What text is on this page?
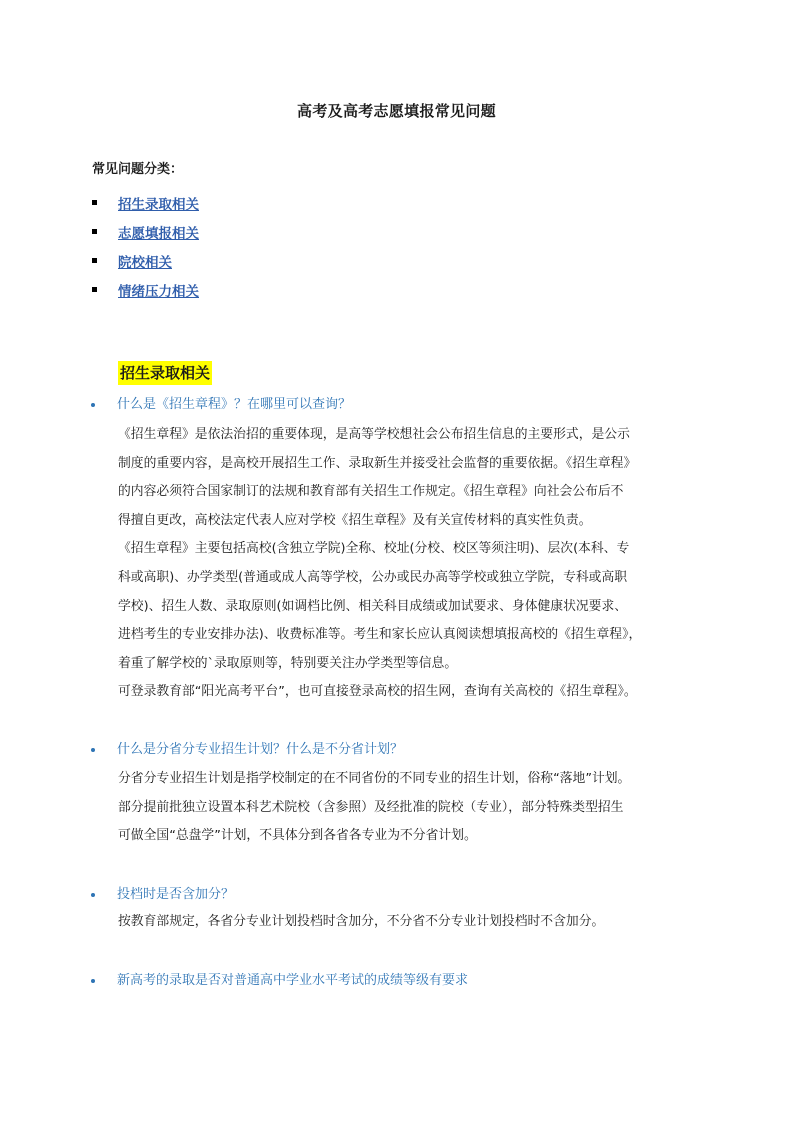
高考及高考志愿填报常见问题
常见问题分类：
招生录取相关
志愿填报相关
院校相关
情绪压力相关
招生录取相关
什么是《招生章程》？在哪里可以查询？

《招生章程》是依法治招的重要体现，是高等学校想社会公布招生信息的主要形式，是公示

制度的重要内容，是高校开展招生工作、录取新生并接受社会监督的重要依据。《招生章程》

的内容必须符合国家制订的法规和教育部有关招生工作规定。《招生章程》向社会公布后不

得擅自更改，高校法定代表人应对学校《招生章程》及有关宣传材料的真实性负责。

《招生章程》主要包括高校(含独立学院)全称、校址(分校、校区等须注明)、层次(本科、专

科或高职)、办学类型(普通或成人高等学校，公办或民办高等学校或独立学院，专科或高职

学校)、招生人数、录取原则(如调档比例、相关科目成绩或加试要求、身体健康状况要求、

进档考生的专业安排办法)、收费标准等。考生和家长应认真阅读想填报高校的《招生章程》，

着重了解学校的`录取原则等，特别要关注办学类型等信息。

可登录教育部“阳光高考平台”，也可直接登录高校的招生网，查询有关高校的《招生章程》。

什么是分省分专业招生计划？什么是不分省计划？

分省分专业招生计划是指学校制定的在不同省份的不同专业的招生计划，俗称“落地”计划。

部分提前批独立设置本科艺术院校（含参照）及经批准的院校（专业），部分特殊类型招生

可做全国“总盘学”计划，不具体分到各省各专业为不分省计划。

投档时是否含加分？

按教育部规定，各省分专业计划投档时含加分，不分省不分专业计划投档时不含加分。

新高考的录取是否对普通高中学业水平考试的成绩等级有要求
